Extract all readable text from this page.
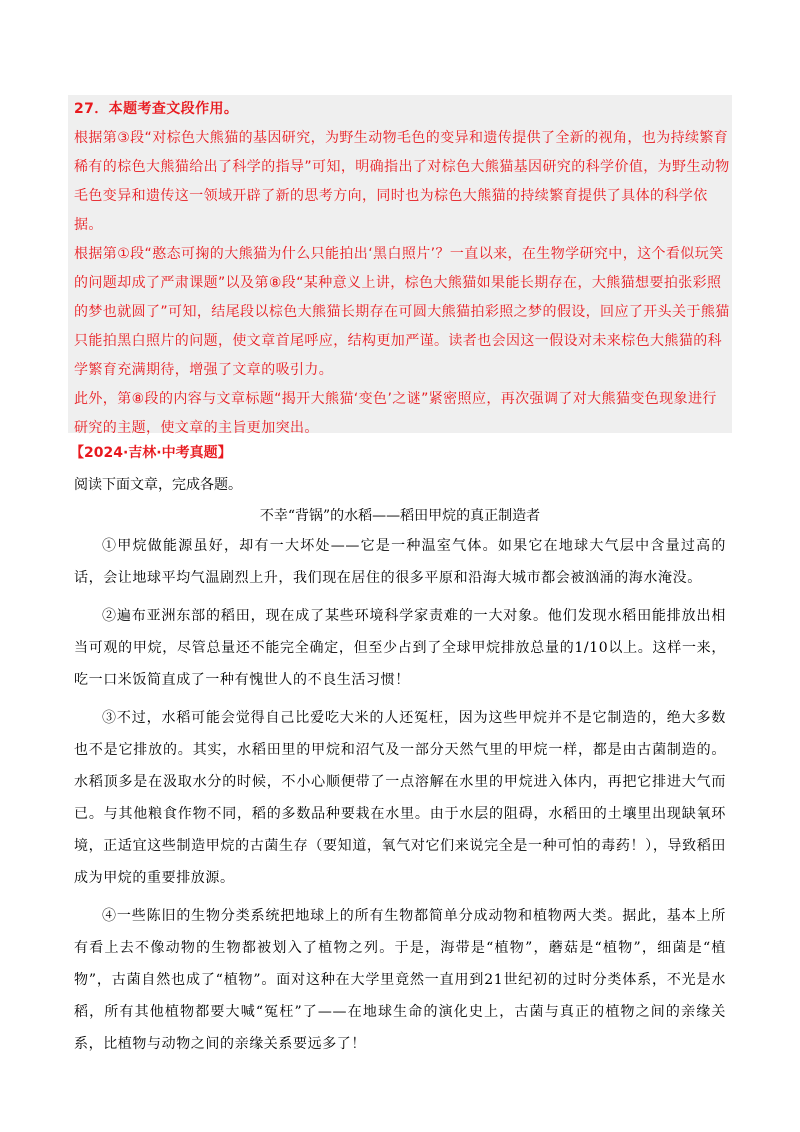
27．本题考查文段作用。

根据第③段“对棕色大熊猫的基因研究，为野生动物毛色的变异和遗传提供了全新的视角，也为持续繁育稀有的棕色大熊猫给出了科学的指导”可知，明确指出了对棕色大熊猫基因研究的科学价值，为野生动物毛色变异和遗传这一领域开辟了新的思考方向，同时也为棕色大熊猫的持续繁育提供了具体的科学依据。

根据第①段“憨态可掬的大熊猫为什么只能拍出‘黑白照片’？一直以来，在生物学研究中，这个看似玩笑的问题却成了严肃课题”以及第⑧段“某种意义上讲，棕色大熊猫如果能长期存在，大熊猫想要拍张彩照的梦也就圆了”可知，结尾段以棕色大熊猫长期存在可圆大熊猫拍彩照之梦的假设，回应了开头关于熊猫只能拍黑白照片的问题，使文章首尾呼应，结构更加严谨。读者也会因这一假设对未来棕色大熊猫的科学繁育充满期待，增强了文章的吸引力。

此外，第⑧段的内容与文章标题“揭开大熊猫‘变色’之谜”紧密照应，再次强调了对大熊猫变色现象进行研究的主题，使文章的主旨更加突出。

【2024·吉林·中考真题】
阅读下面文章，完成各题。
不幸“背锅”的水稻——稻田甲烷的真正制造者

①甲烷做能源虽好，却有一大坏处——它是一种温室气体。如果它在地球大气层中含量过高的话，会让地球平均气温剧烈上升，我们现在居住的很多平原和沿海大城市都会被汹涌的海水淹没。

②遍布亚洲东部的稻田，现在成了某些环境科学家责难的一大对象。他们发现水稻田能排放出相当可观的甲烷，尽管总量还不能完全确定，但至少占到了全球甲烷排放总量的1/10以上。这样一来，吃一口米饭简直成了一种有愧世人的不良生活习惯！

③不过，水稻可能会觉得自己比爱吃大米的人还冤枉，因为这些甲烷并不是它制造的，绝大多数也不是它排放的。其实，水稻田里的甲烷和沼气及一部分天然气里的甲烷一样，都是由古菌制造的。水稻顶多是在汲取水分的时候，不小心顺便带了一点溶解在水里的甲烷进入体内，再把它排进大气而已。与其他粮食作物不同，稻的多数品种要栽在水里。由于水层的阻碍，水稻田的土壤里出现缺氧环境，正适宜这些制造甲烷的古菌生存（要知道，氧气对它们来说完全是一种可怕的毒药！），导致稻田成为甲烷的重要排放源。

④一些陈旧的生物分类系统把地球上的所有生物都简单分成动物和植物两大类。据此，基本上所有看上去不像动物的生物都被划入了植物之列。于是，海带是“植物”，蘑菇是“植物”，细菌是“植物”，古菌自然也成了“植物”。面对这种在大学里竟然一直用到21世纪初的过时分类体系，不光是水稻，所有其他植物都要大喊“冤枉”了——在地球生命的演化史上，古菌与真正的植物之间的亲缘关系，比植物与动物之间的亲缘关系要远多了！
